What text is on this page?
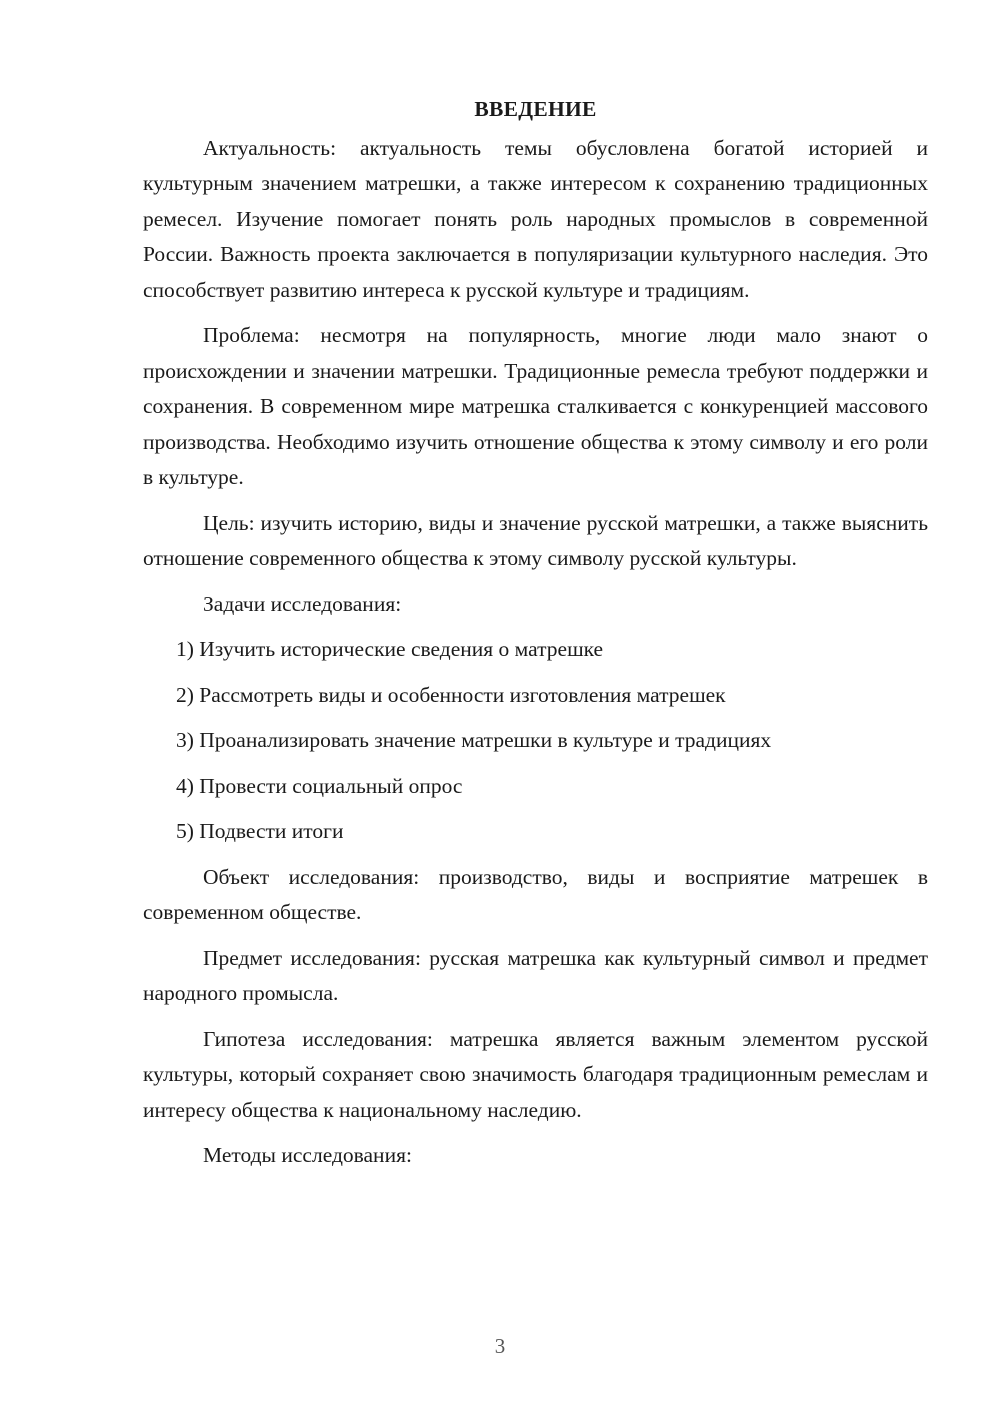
ВВЕДЕНИЕ

Актуальность: актуальность темы обусловлена богатой историей и культурным значением матрешки, а также интересом к сохранению традиционных ремесел. Изучение помогает понять роль народных промыслов в современной России. Важность проекта заключается в популяризации культурного наследия. Это способствует развитию интереса к русской культуре и традициям.

Проблема: несмотря на популярность, многие люди мало знают о происхождении и значении матрешки. Традиционные ремесла требуют поддержки и сохранения. В современном мире матрешка сталкивается с конкуренцией массового производства. Необходимо изучить отношение общества к этому символу и его роли в культуре.

Цель: изучить историю, виды и значение русской матрешки, а также выяснить отношение современного общества к этому символу русской культуры.

Задачи исследования:

1) Изучить исторические сведения о матрешке
2) Рассмотреть виды и особенности изготовления матрешек
3) Проанализировать значение матрешки в культуре и традициях
4) Провести социальный опрос
5) Подвести итоги

Объект исследования: производство, виды и восприятие матрешек в современном обществе.

Предмет исследования: русская матрешка как культурный символ и предмет народного промысла.

Гипотеза исследования: матрешка является важным элементом русской культуры, который сохраняет свою значимость благодаря традиционным ремеслам и интересу общества к национальному наследию.

Методы исследования:

3
